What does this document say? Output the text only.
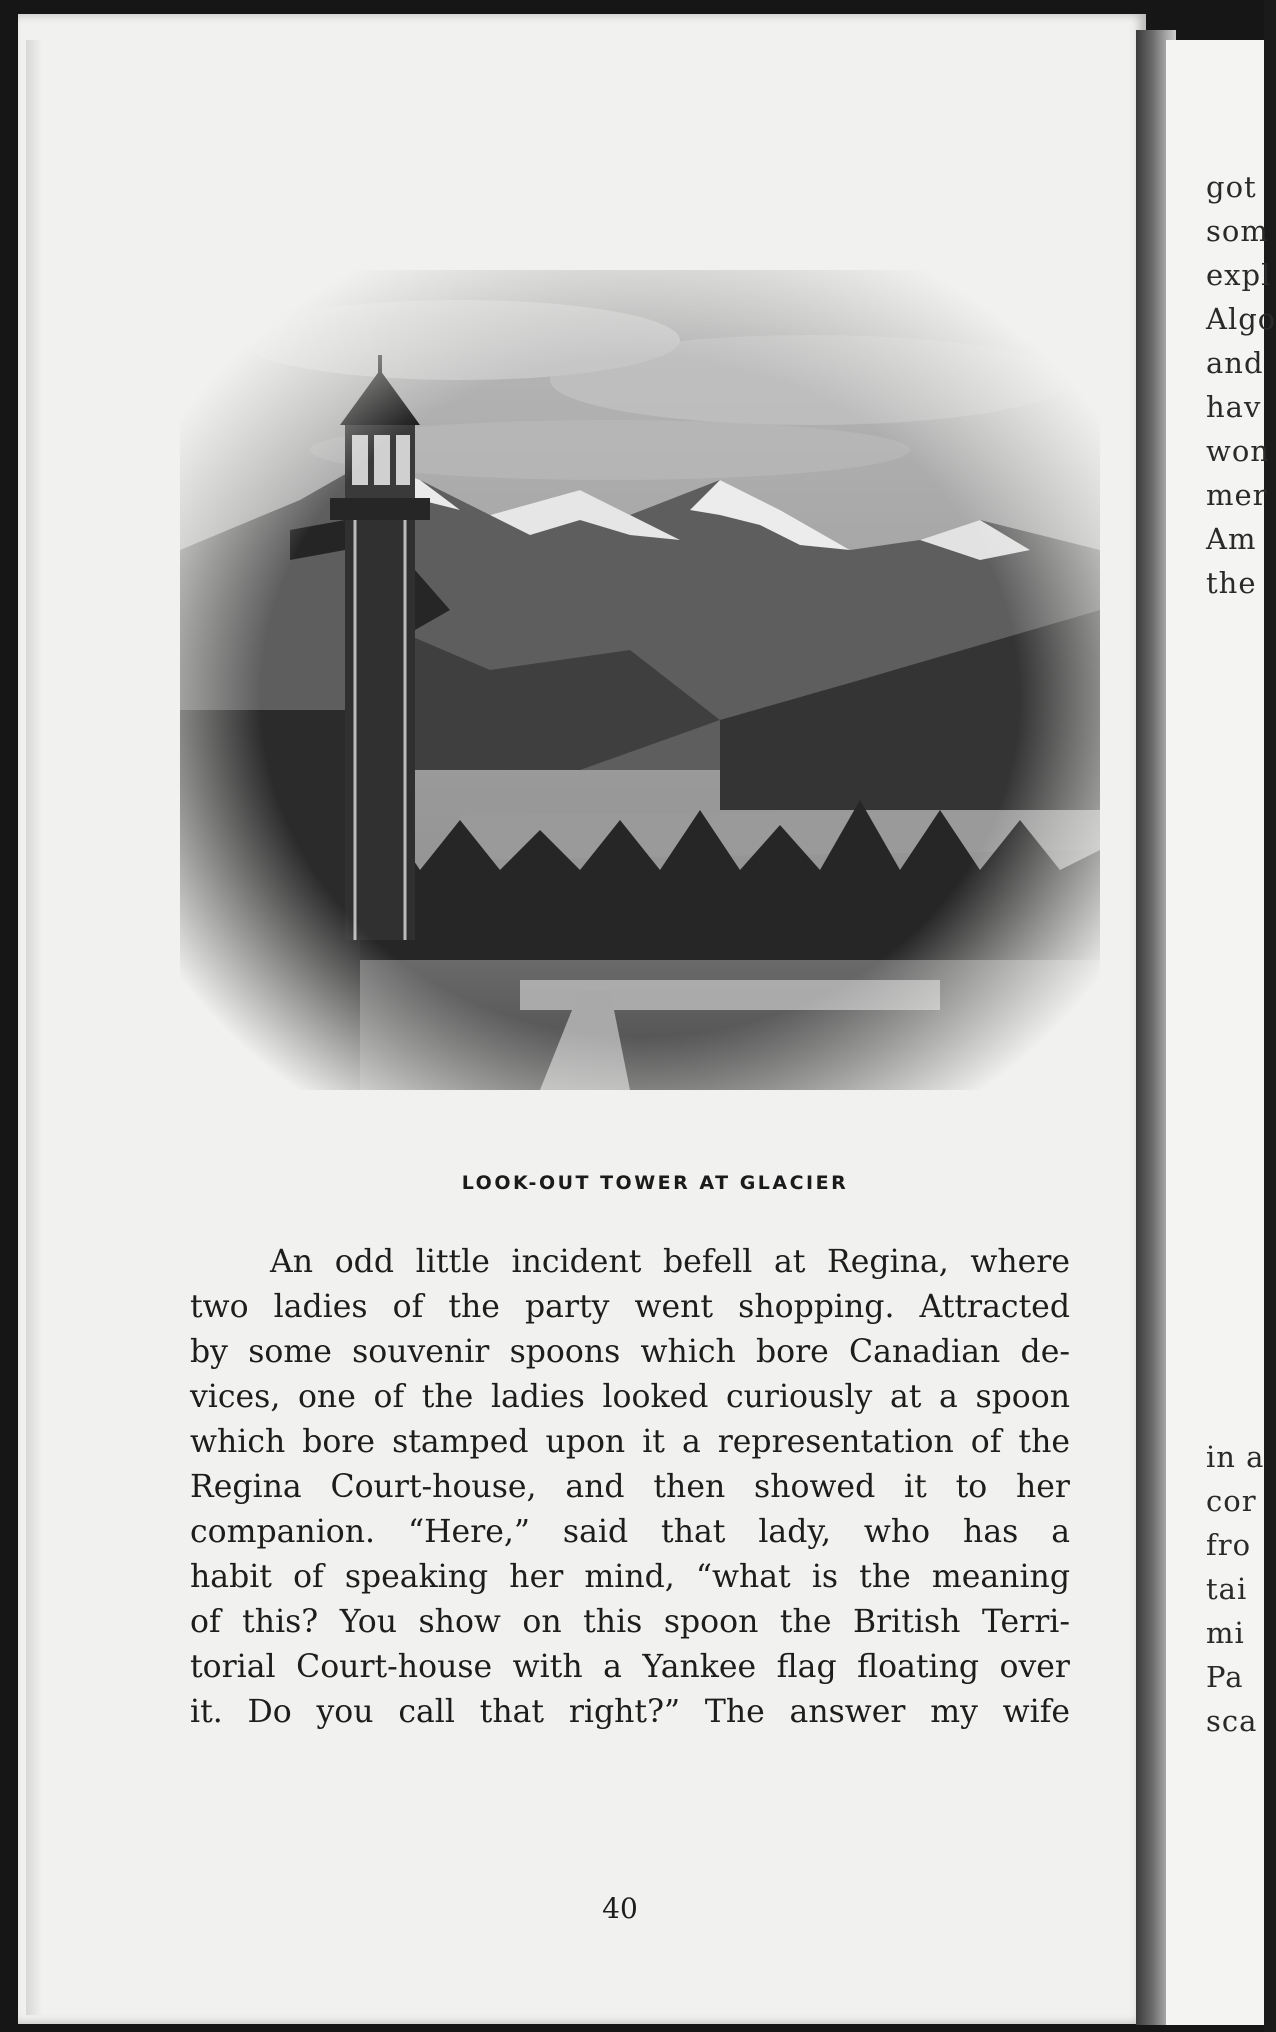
LOOK-OUT TOWER AT GLACIER
An odd little incident befell at Regina, where
two ladies of the party went shopping. Attracted
by some souvenir spoons which bore Canadian de-
vices, one of the ladies looked curiously at a spoon
which bore stamped upon it a representation of the
Regina Court-house, and then showed it to her
companion. “Here,” said that lady, who has a
habit of speaking her mind, “what is the meaning
of this? You show on this spoon the British Terri-
torial Court-house with a Yankee flag floating over
it. Do you call that right?” The answer my wife
40
got
som
expl
Algo
and
hav
won
mer
Am
the
in a
cor
fro
tai
mi
Pa
sca
